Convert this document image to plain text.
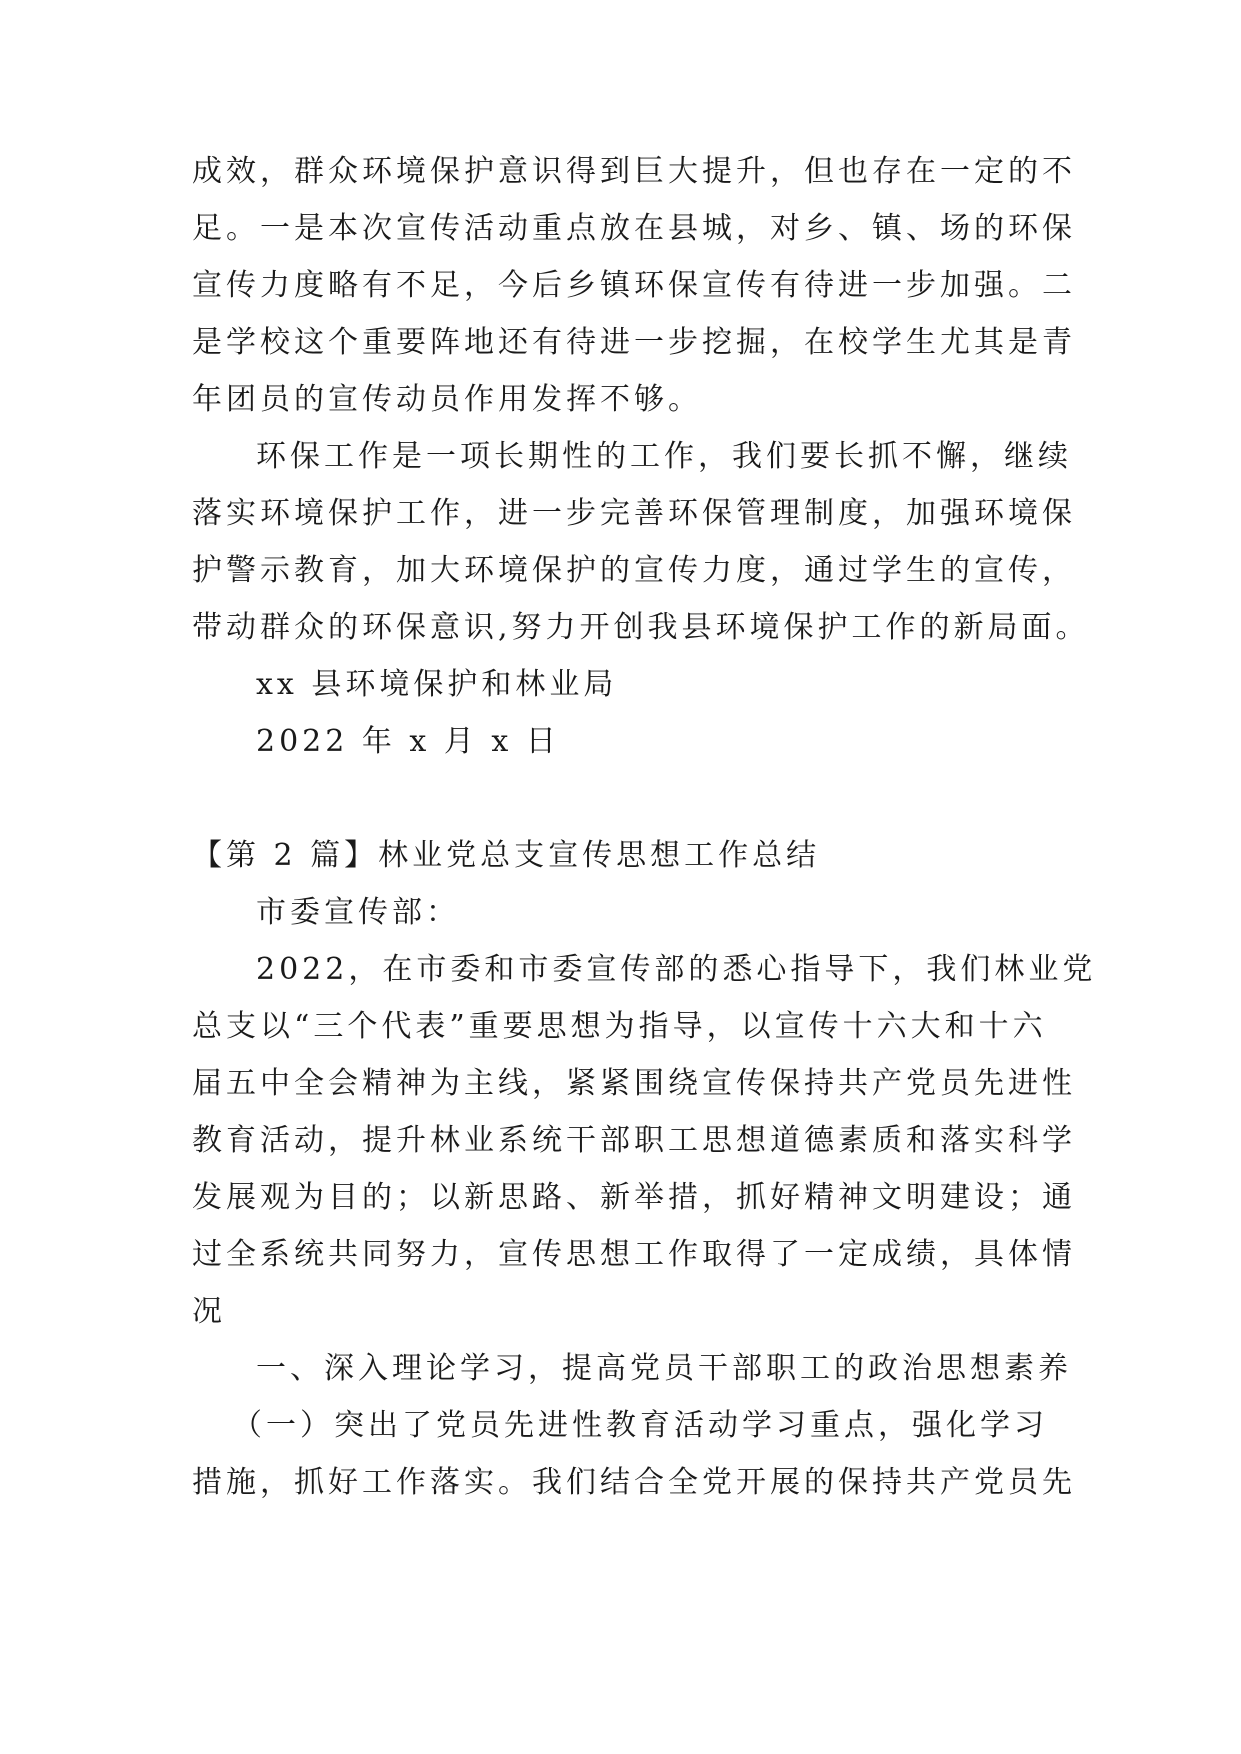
成效，群众环境保护意识得到巨大提升，但也存在一定的不
足。一是本次宣传活动重点放在县城，对乡、镇、场的环保
宣传力度略有不足，今后乡镇环保宣传有待进一步加强。二
是学校这个重要阵地还有待进一步挖掘，在校学生尤其是青
年团员的宣传动员作用发挥不够。
环保工作是一项长期性的工作，我们要长抓不懈，继续
落实环境保护工作，进一步完善环保管理制度，加强环境保
护警示教育，加大环境保护的宣传力度，通过学生的宣传，
带动群众的环保意识,努力开创我县环境保护工作的新局面。
xx 县环境保护和林业局
2022 年 x 月 x 日
【第 2 篇】林业党总支宣传思想工作总结
市委宣传部：
2022，在市委和市委宣传部的悉心指导下，我们林业党
总支以“三个代表”重要思想为指导，以宣传十六大和十六
届五中全会精神为主线，紧紧围绕宣传保持共产党员先进性
教育活动，提升林业系统干部职工思想道德素质和落实科学
发展观为目的；以新思路、新举措，抓好精神文明建设；通
过全系统共同努力，宣传思想工作取得了一定成绩，具体情
况
一、深入理论学习，提高党员干部职工的政治思想素养
（一）突出了党员先进性教育活动学习重点，强化学习
措施，抓好工作落实。我们结合全党开展的保持共产党员先
